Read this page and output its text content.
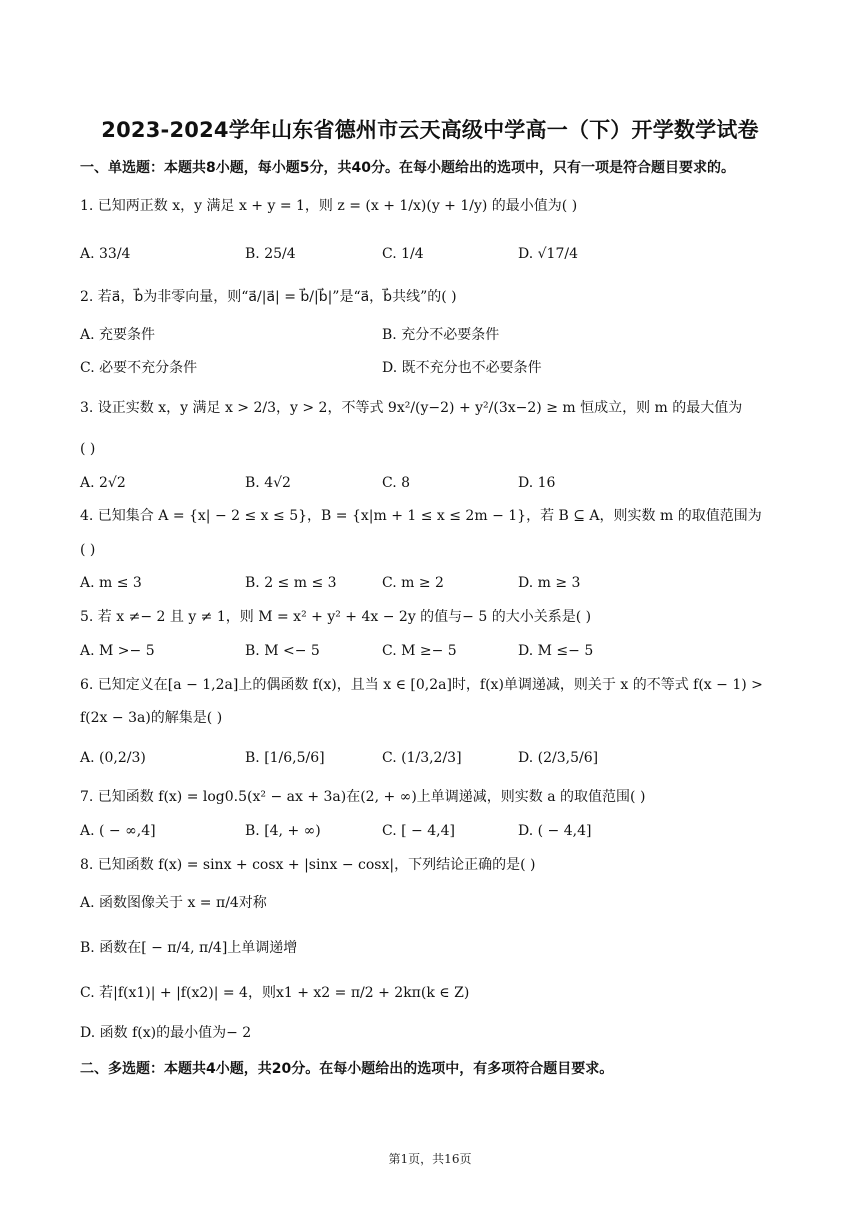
2023-2024学年山东省德州市云天高级中学高一（下）开学数学试卷
一、单选题：本题共8小题，每小题5分，共40分。在每小题给出的选项中，只有一项是符合题目要求的。
1. 已知两正数 x，y 满足 x + y = 1，则 z = (x + 1/x)(y + 1/y) 的最小值为( )
A. 33/4	B. 25/4	C. 1/4	D. √17/4
2. 若a⃗，b⃗为非零向量，则“a⃗/|a⃗| = b⃗/|b⃗|”是“a⃗，b⃗共线”的( )
A. 充要条件	B. 充分不必要条件
C. 必要不充分条件	D. 既不充分也不必要条件
3. 设正实数 x，y 满足 x > 2/3，y > 2，不等式 9x²/(y−2) + y²/(3x−2) ≥ m 恒成立，则 m 的最大值为
( )
A. 2√2	B. 4√2	C. 8	D. 16
4. 已知集合 A = {x| − 2 ≤ x ≤ 5}，B = {x|m + 1 ≤ x ≤ 2m − 1}，若 B ⊆ A，则实数 m 的取值范围为
( )
A. m ≤ 3	B. 2 ≤ m ≤ 3	C. m ≥ 2	D. m ≥ 3
5. 若 x ≠− 2 且 y ≠ 1，则 M = x² + y² + 4x − 2y 的值与− 5 的大小关系是( )
A. M >− 5	B. M <− 5	C. M ≥− 5	D. M ≤− 5
6. 已知定义在[a − 1,2a]上的偶函数 f(x)，且当 x ∈ [0,2a]时，f(x)单调递减，则关于 x 的不等式 f(x − 1) >
f(2x − 3a)的解集是( )
A. (0,2/3)	B. [1/6,5/6]	C. (1/3,2/3]	D. (2/3,5/6]
7. 已知函数 f(x) = log0.5(x² − ax + 3a)在(2, + ∞)上单调递减，则实数 a 的取值范围( )
A. ( − ∞,4]	B. [4, + ∞)	C. [ − 4,4]	D. ( − 4,4]
8. 已知函数 f(x) = sinx + cosx + |sinx − cosx|，下列结论正确的是( )
A. 函数图像关于 x = π/4对称
B. 函数在[ − π/4, π/4]上单调递增
C. 若|f(x1)| + |f(x2)| = 4，则x1 + x2 = π/2 + 2kπ(k ∈ Z)
D. 函数 f(x)的最小值为− 2
二、多选题：本题共4小题，共20分。在每小题给出的选项中，有多项符合题目要求。
第1页，共16页
